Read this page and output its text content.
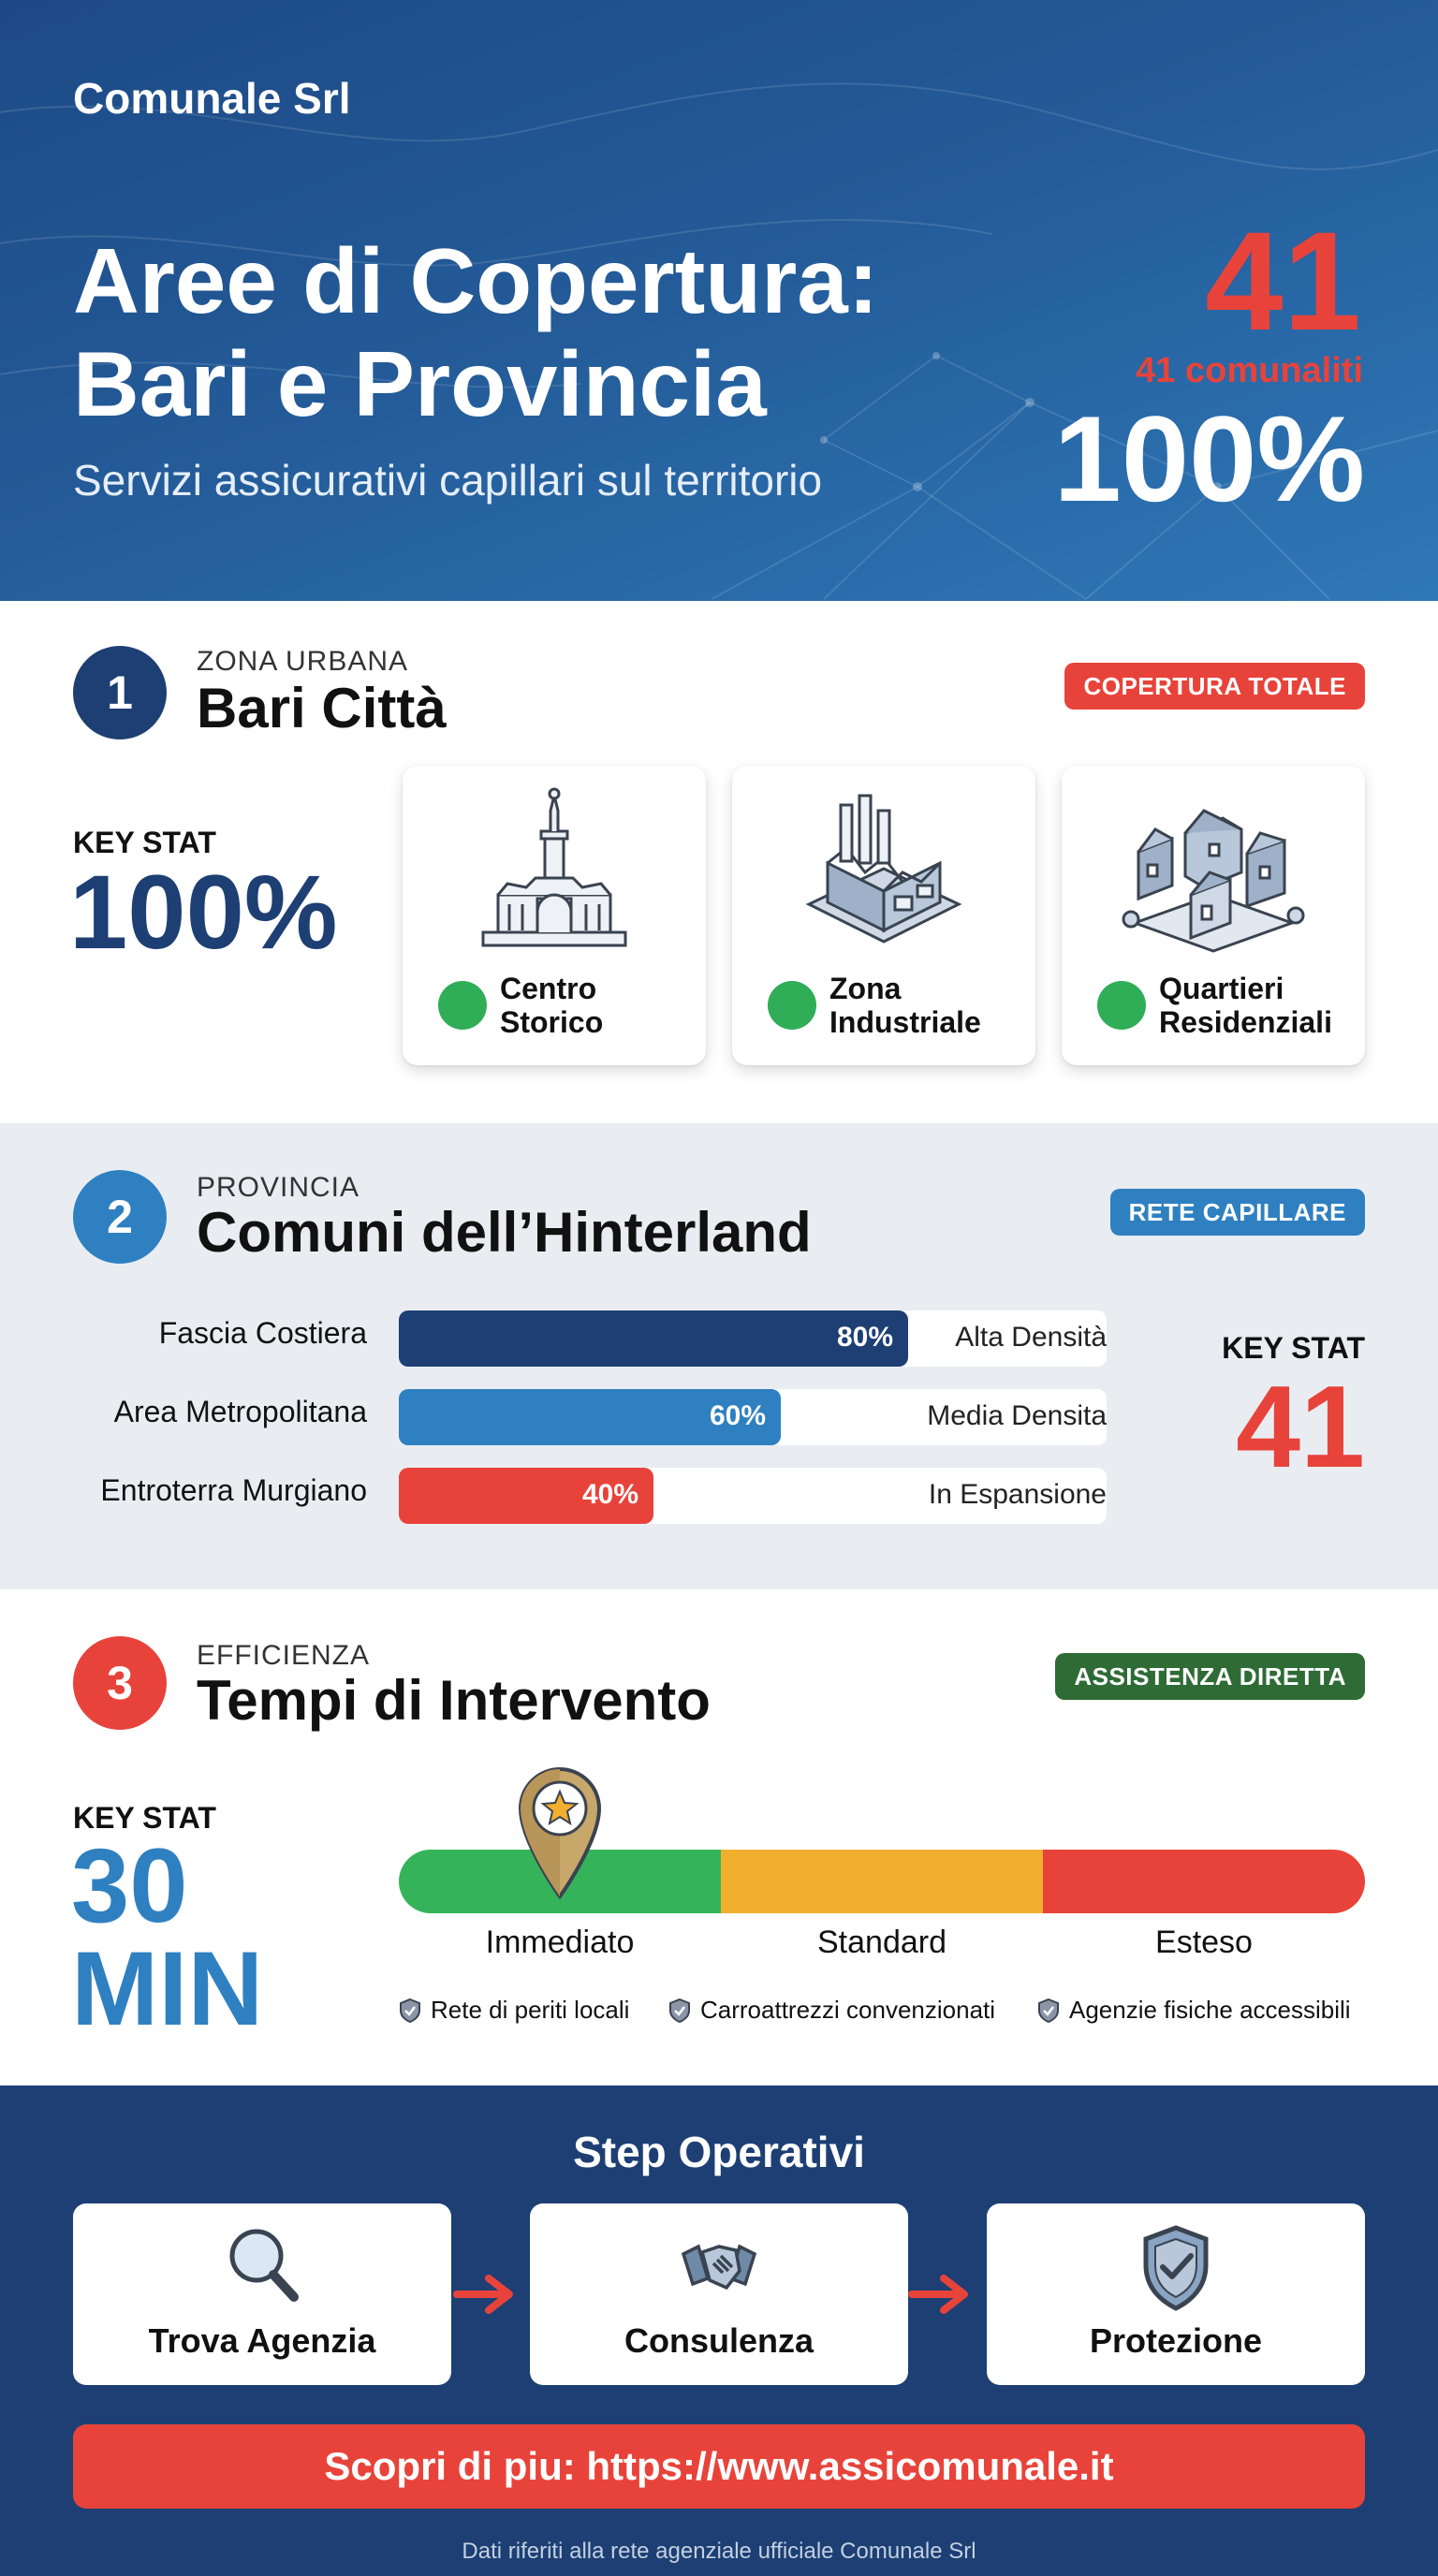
Comunale Srl
Aree di Copertura:
Bari e Provincia
Servizi assicurativi capillari sul territorio
41
41 comunaliti
100%
1
ZONA URBANA
Bari Città	COPERTURA TOTALE
KEY STAT
100%
Centro
Storico
Zona
Industriale
Quartieri
Residenziali
2
PROVINCIA
Comuni dell’Hinterland	RETE CAPILLARE
Fascia Costiera	80% Alta Densità
Area Metropolitana	60%	Media Densita
Entroterra Murgiano	40%	In Espansione
KEY STAT
41
3
EFFICIENZA
Tempi di Intervento	ASSISTENZA DIRETTA
KEY STAT
30
MIN	Immediato	Standard	Esteso
Rete di periti locali	Carroattrezzi convenzionati	Agenzie fisiche accessibili
Step Operativi
Trova Agenzia	Consulenza	Protezione
Scopri di piu: https://www.assicomunale.it
Dati riferiti alla rete agenziale ufficiale Comunale Srl
